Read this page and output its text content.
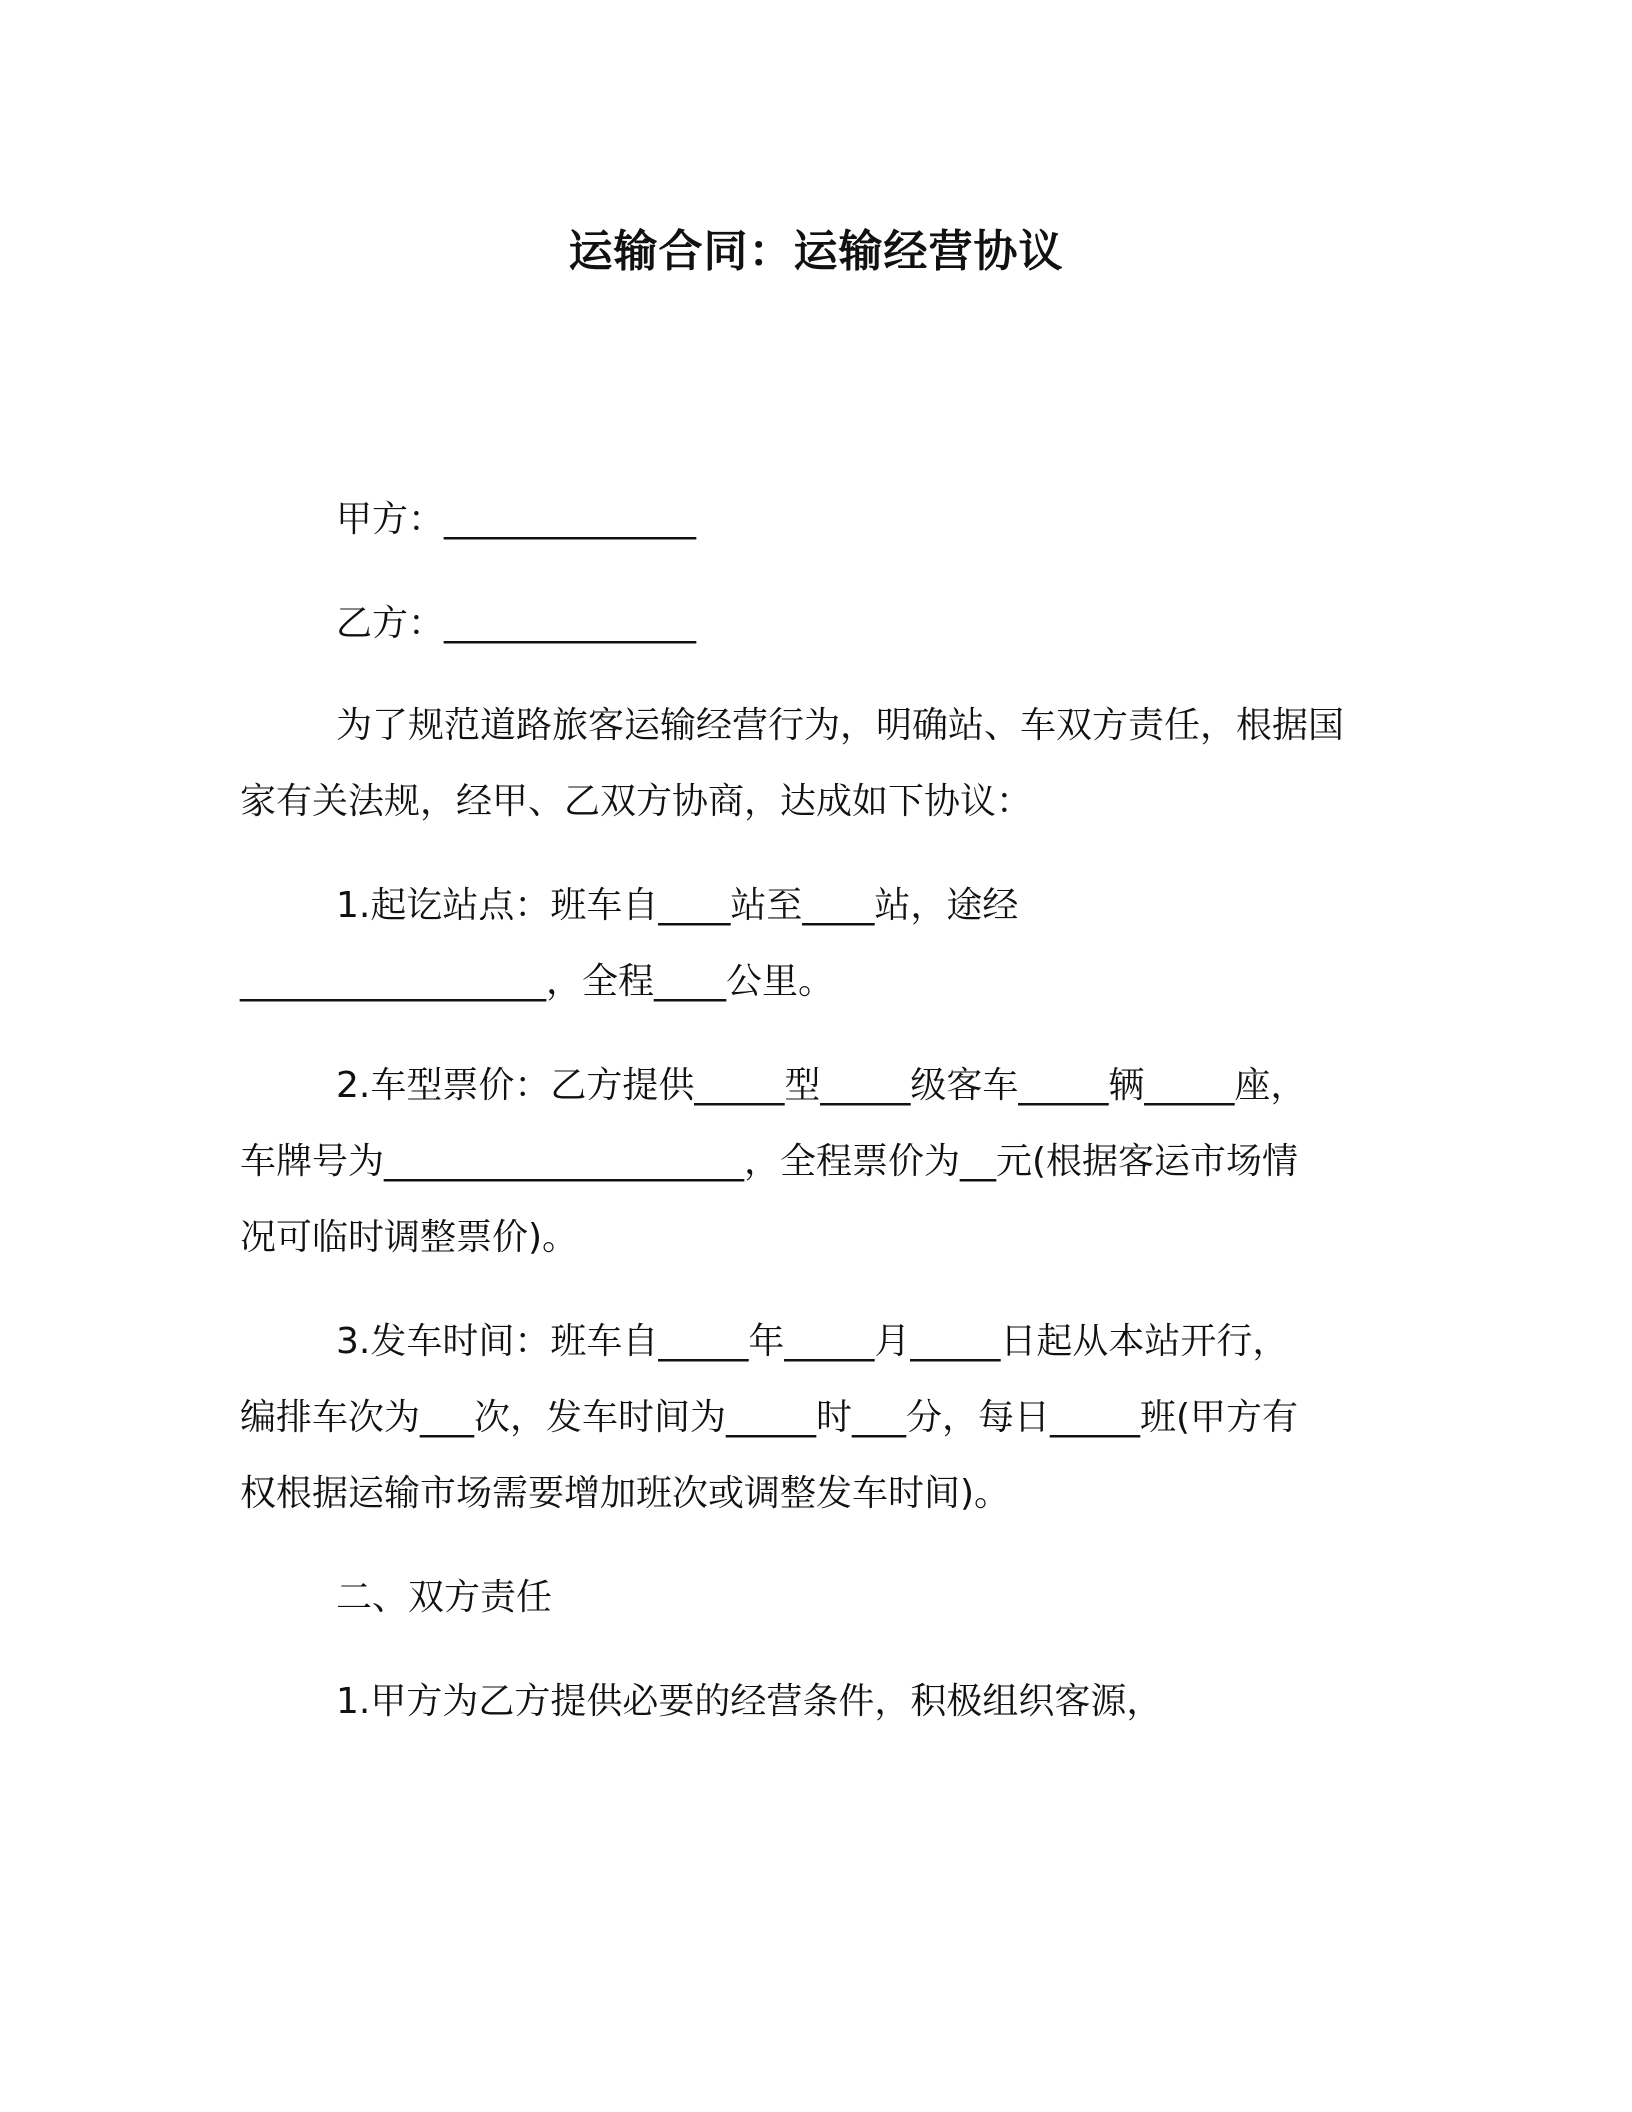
运输合同：运输经营协议
甲方：______________
乙方：______________
为了规范道路旅客运输经营行为，明确站、车双方责任，根据国
家有关法规，经甲、乙双方协商，达成如下协议：
1.起讫站点：班车自____站至____站，途经
_________________，全程____公里。
2.车型票价：乙方提供_____型_____级客车_____辆_____座，
车牌号为____________________，全程票价为__元(根据客运市场情
况可临时调整票价)。
3.发车时间：班车自_____年_____月_____日起从本站开行，
编排车次为___次，发车时间为_____时___分，每日_____班(甲方有
权根据运输市场需要增加班次或调整发车时间)。
二、双方责任
1.甲方为乙方提供必要的经营条件，积极组织客源，
